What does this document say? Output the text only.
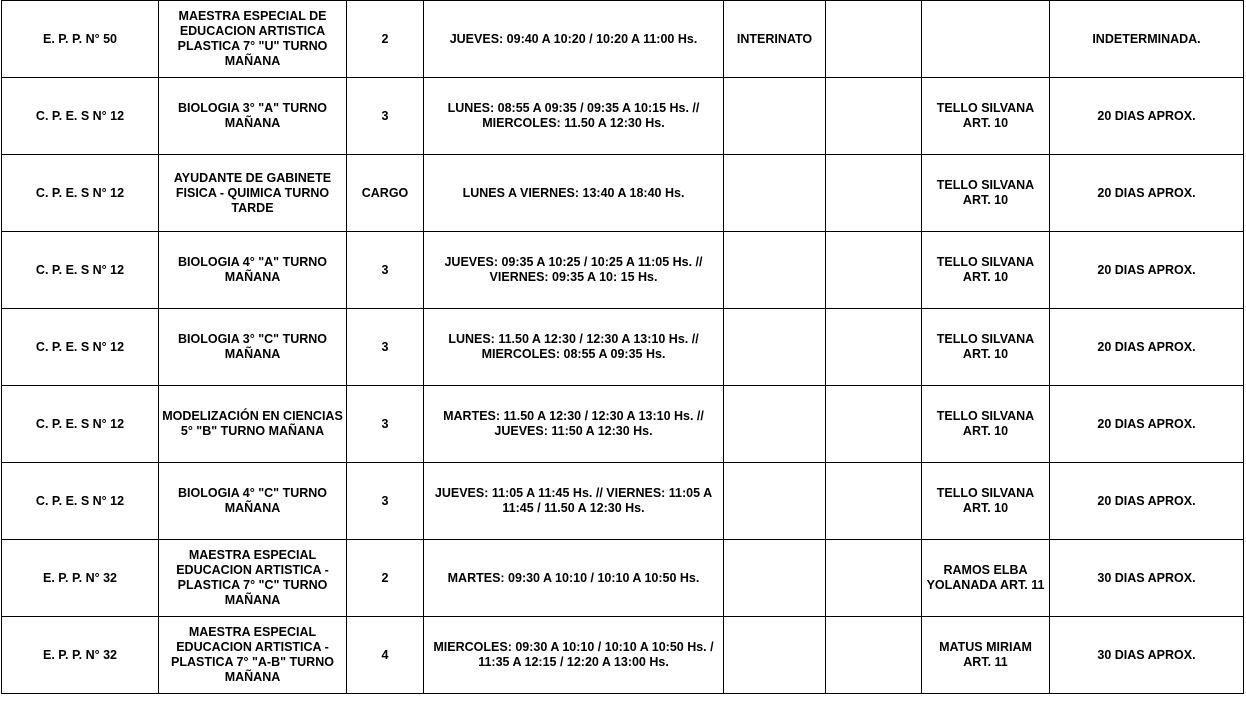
E. P. P. N° 50	MAESTRA ESPECIAL DE EDUCACION ARTISTICA PLASTICA 7° "U" TURNO MAÑANA	2	JUEVES: 09:40 A 10:20 / 10:20 A 11:00 Hs.	INTERINATO			INDETERMINADA.
C. P. E. S N° 12	BIOLOGIA 3° "A" TURNO MAÑANA	3	LUNES: 08:55 A 09:35 / 09:35 A 10:15 Hs. // MIERCOLES: 11.50 A 12:30 Hs.			TELLO SILVANA ART. 10	20 DIAS APROX.
C. P. E. S N° 12	AYUDANTE DE GABINETE FISICA - QUIMICA TURNO TARDE	CARGO	LUNES A VIERNES: 13:40 A 18:40 Hs.			TELLO SILVANA ART. 10	20 DIAS APROX.
C. P. E. S N° 12	BIOLOGIA 4° "A" TURNO MAÑANA	3	JUEVES: 09:35 A 10:25 / 10:25 A 11:05 Hs. // VIERNES: 09:35 A 10: 15 Hs.			TELLO SILVANA ART. 10	20 DIAS APROX.
C. P. E. S N° 12	BIOLOGIA 3° "C" TURNO MAÑANA	3	LUNES: 11.50 A 12:30 / 12:30 A 13:10 Hs. // MIERCOLES: 08:55 A 09:35 Hs.			TELLO SILVANA ART. 10	20 DIAS APROX.
C. P. E. S N° 12	MODELIZACIÓN EN CIENCIAS 5° "B" TURNO MAÑANA	3	MARTES: 11.50 A 12:30 / 12:30 A 13:10 Hs. // JUEVES: 11:50 A 12:30 Hs.			TELLO SILVANA ART. 10	20 DIAS APROX.
C. P. E. S N° 12	BIOLOGIA 4° "C" TURNO MAÑANA	3	JUEVES: 11:05 A 11:45 Hs. // VIERNES: 11:05 A 11:45 / 11.50 A 12:30 Hs.			TELLO SILVANA ART. 10	20 DIAS APROX.
E. P. P. N° 32	MAESTRA ESPECIAL EDUCACION ARTISTICA - PLASTICA 7° "C" TURNO MAÑANA	2	MARTES: 09:30 A 10:10 / 10:10 A 10:50 Hs.			RAMOS ELBA YOLANADA ART. 11	30 DIAS APROX.
E. P. P. N° 32	MAESTRA ESPECIAL EDUCACION ARTISTICA - PLASTICA 7° "A-B" TURNO MAÑANA	4	MIERCOLES: 09:30 A 10:10 / 10:10 A 10:50 Hs. / 11:35 A 12:15 / 12:20 A 13:00 Hs.			MATUS MIRIAM ART. 11	30 DIAS APROX.
